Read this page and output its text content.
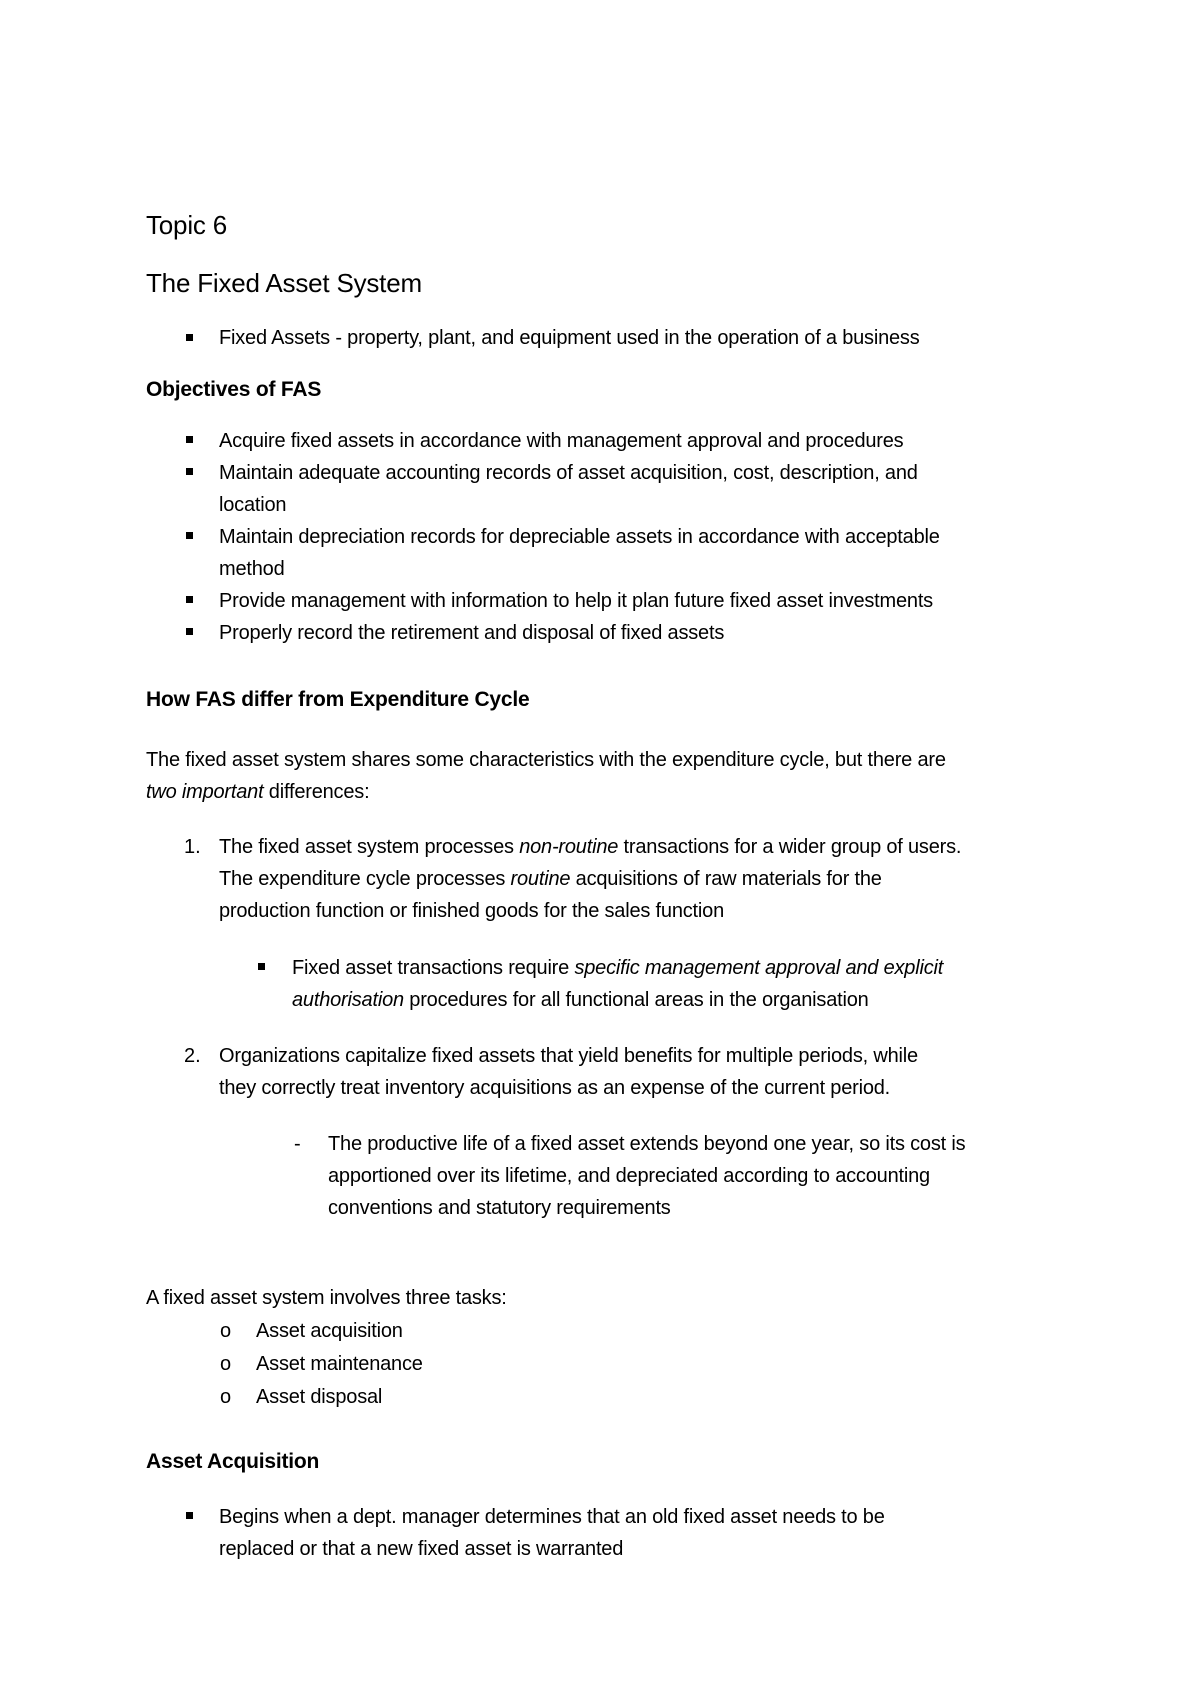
Topic 6
The Fixed Asset System
Fixed Assets - property, plant, and equipment used in the operation of a business
Objectives of FAS
Acquire fixed assets in accordance with management approval and procedures
Maintain adequate accounting records of asset acquisition, cost, description, and
location
Maintain depreciation records for depreciable assets in accordance with acceptable
method
Provide management with information to help it plan future fixed asset investments
Properly record the retirement and disposal of fixed assets
How FAS differ from Expenditure Cycle
The fixed asset system shares some characteristics with the expenditure cycle, but there are
two important differences:
1. The fixed asset system processes non-routine transactions for a wider group of users.
The expenditure cycle processes routine acquisitions of raw materials for the
production function or finished goods for the sales function
Fixed asset transactions require specific management approval and explicit
authorisation procedures for all functional areas in the organisation
2. Organizations capitalize fixed assets that yield benefits for multiple periods, while
they correctly treat inventory acquisitions as an expense of the current period.
- The productive life of a fixed asset extends beyond one year, so its cost is
apportioned over its lifetime, and depreciated according to accounting
conventions and statutory requirements
A fixed asset system involves three tasks:
o Asset acquisition
o Asset maintenance
o Asset disposal
Asset Acquisition
Begins when a dept. manager determines that an old fixed asset needs to be
replaced or that a new fixed asset is warranted
